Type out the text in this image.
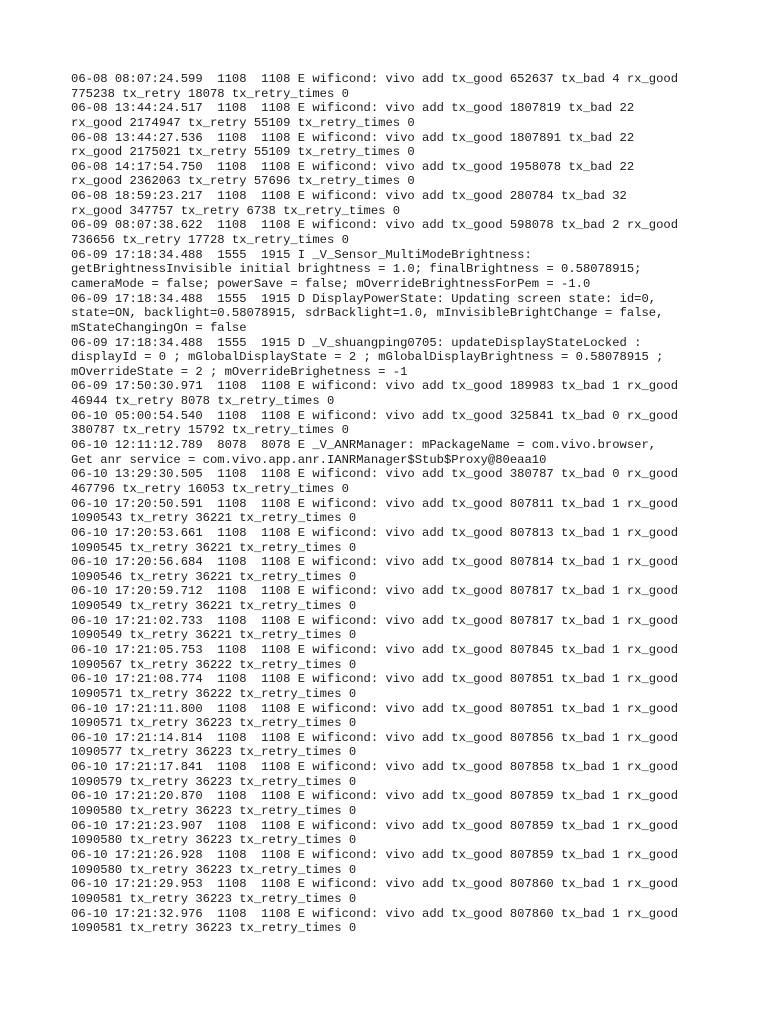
06-08 08:07:24.599  1108  1108 E wificond: vivo add tx_good 652637 tx_bad 4 rx_good
775238 tx_retry 18078 tx_retry_times 0
06-08 13:44:24.517  1108  1108 E wificond: vivo add tx_good 1807819 tx_bad 22
rx_good 2174947 tx_retry 55109 tx_retry_times 0
06-08 13:44:27.536  1108  1108 E wificond: vivo add tx_good 1807891 tx_bad 22
rx_good 2175021 tx_retry 55109 tx_retry_times 0
06-08 14:17:54.750  1108  1108 E wificond: vivo add tx_good 1958078 tx_bad 22
rx_good 2362063 tx_retry 57696 tx_retry_times 0
06-08 18:59:23.217  1108  1108 E wificond: vivo add tx_good 280784 tx_bad 32
rx_good 347757 tx_retry 6738 tx_retry_times 0
06-09 08:07:38.622  1108  1108 E wificond: vivo add tx_good 598078 tx_bad 2 rx_good
736656 tx_retry 17728 tx_retry_times 0
06-09 17:18:34.488  1555  1915 I _V_Sensor_MultiModeBrightness:
getBrightnessInvisible initial brightness = 1.0; finalBrightness = 0.58078915;
cameraMode = false; powerSave = false; mOverrideBrightnessForPem = -1.0
06-09 17:18:34.488  1555  1915 D DisplayPowerState: Updating screen state: id=0,
state=ON, backlight=0.58078915, sdrBacklight=1.0, mInvisibleBrightChange = false,
mStateChangingOn = false
06-09 17:18:34.488  1555  1915 D _V_shuangping0705: updateDisplayStateLocked :
displayId = 0 ; mGlobalDisplayState = 2 ; mGlobalDisplayBrightness = 0.58078915 ;
mOverrideState = 2 ; mOverrideBrighetness = -1
06-09 17:50:30.971  1108  1108 E wificond: vivo add tx_good 189983 tx_bad 1 rx_good
46944 tx_retry 8078 tx_retry_times 0
06-10 05:00:54.540  1108  1108 E wificond: vivo add tx_good 325841 tx_bad 0 rx_good
380787 tx_retry 15792 tx_retry_times 0
06-10 12:11:12.789  8078  8078 E _V_ANRManager: mPackageName = com.vivo.browser,
Get anr service = com.vivo.app.anr.IANRManager$Stub$Proxy@80eaa10
06-10 13:29:30.505  1108  1108 E wificond: vivo add tx_good 380787 tx_bad 0 rx_good
467796 tx_retry 16053 tx_retry_times 0
06-10 17:20:50.591  1108  1108 E wificond: vivo add tx_good 807811 tx_bad 1 rx_good
1090543 tx_retry 36221 tx_retry_times 0
06-10 17:20:53.661  1108  1108 E wificond: vivo add tx_good 807813 tx_bad 1 rx_good
1090545 tx_retry 36221 tx_retry_times 0
06-10 17:20:56.684  1108  1108 E wificond: vivo add tx_good 807814 tx_bad 1 rx_good
1090546 tx_retry 36221 tx_retry_times 0
06-10 17:20:59.712  1108  1108 E wificond: vivo add tx_good 807817 tx_bad 1 rx_good
1090549 tx_retry 36221 tx_retry_times 0
06-10 17:21:02.733  1108  1108 E wificond: vivo add tx_good 807817 tx_bad 1 rx_good
1090549 tx_retry 36221 tx_retry_times 0
06-10 17:21:05.753  1108  1108 E wificond: vivo add tx_good 807845 tx_bad 1 rx_good
1090567 tx_retry 36222 tx_retry_times 0
06-10 17:21:08.774  1108  1108 E wificond: vivo add tx_good 807851 tx_bad 1 rx_good
1090571 tx_retry 36222 tx_retry_times 0
06-10 17:21:11.800  1108  1108 E wificond: vivo add tx_good 807851 tx_bad 1 rx_good
1090571 tx_retry 36223 tx_retry_times 0
06-10 17:21:14.814  1108  1108 E wificond: vivo add tx_good 807856 tx_bad 1 rx_good
1090577 tx_retry 36223 tx_retry_times 0
06-10 17:21:17.841  1108  1108 E wificond: vivo add tx_good 807858 tx_bad 1 rx_good
1090579 tx_retry 36223 tx_retry_times 0
06-10 17:21:20.870  1108  1108 E wificond: vivo add tx_good 807859 tx_bad 1 rx_good
1090580 tx_retry 36223 tx_retry_times 0
06-10 17:21:23.907  1108  1108 E wificond: vivo add tx_good 807859 tx_bad 1 rx_good
1090580 tx_retry 36223 tx_retry_times 0
06-10 17:21:26.928  1108  1108 E wificond: vivo add tx_good 807859 tx_bad 1 rx_good
1090580 tx_retry 36223 tx_retry_times 0
06-10 17:21:29.953  1108  1108 E wificond: vivo add tx_good 807860 tx_bad 1 rx_good
1090581 tx_retry 36223 tx_retry_times 0
06-10 17:21:32.976  1108  1108 E wificond: vivo add tx_good 807860 tx_bad 1 rx_good
1090581 tx_retry 36223 tx_retry_times 0
